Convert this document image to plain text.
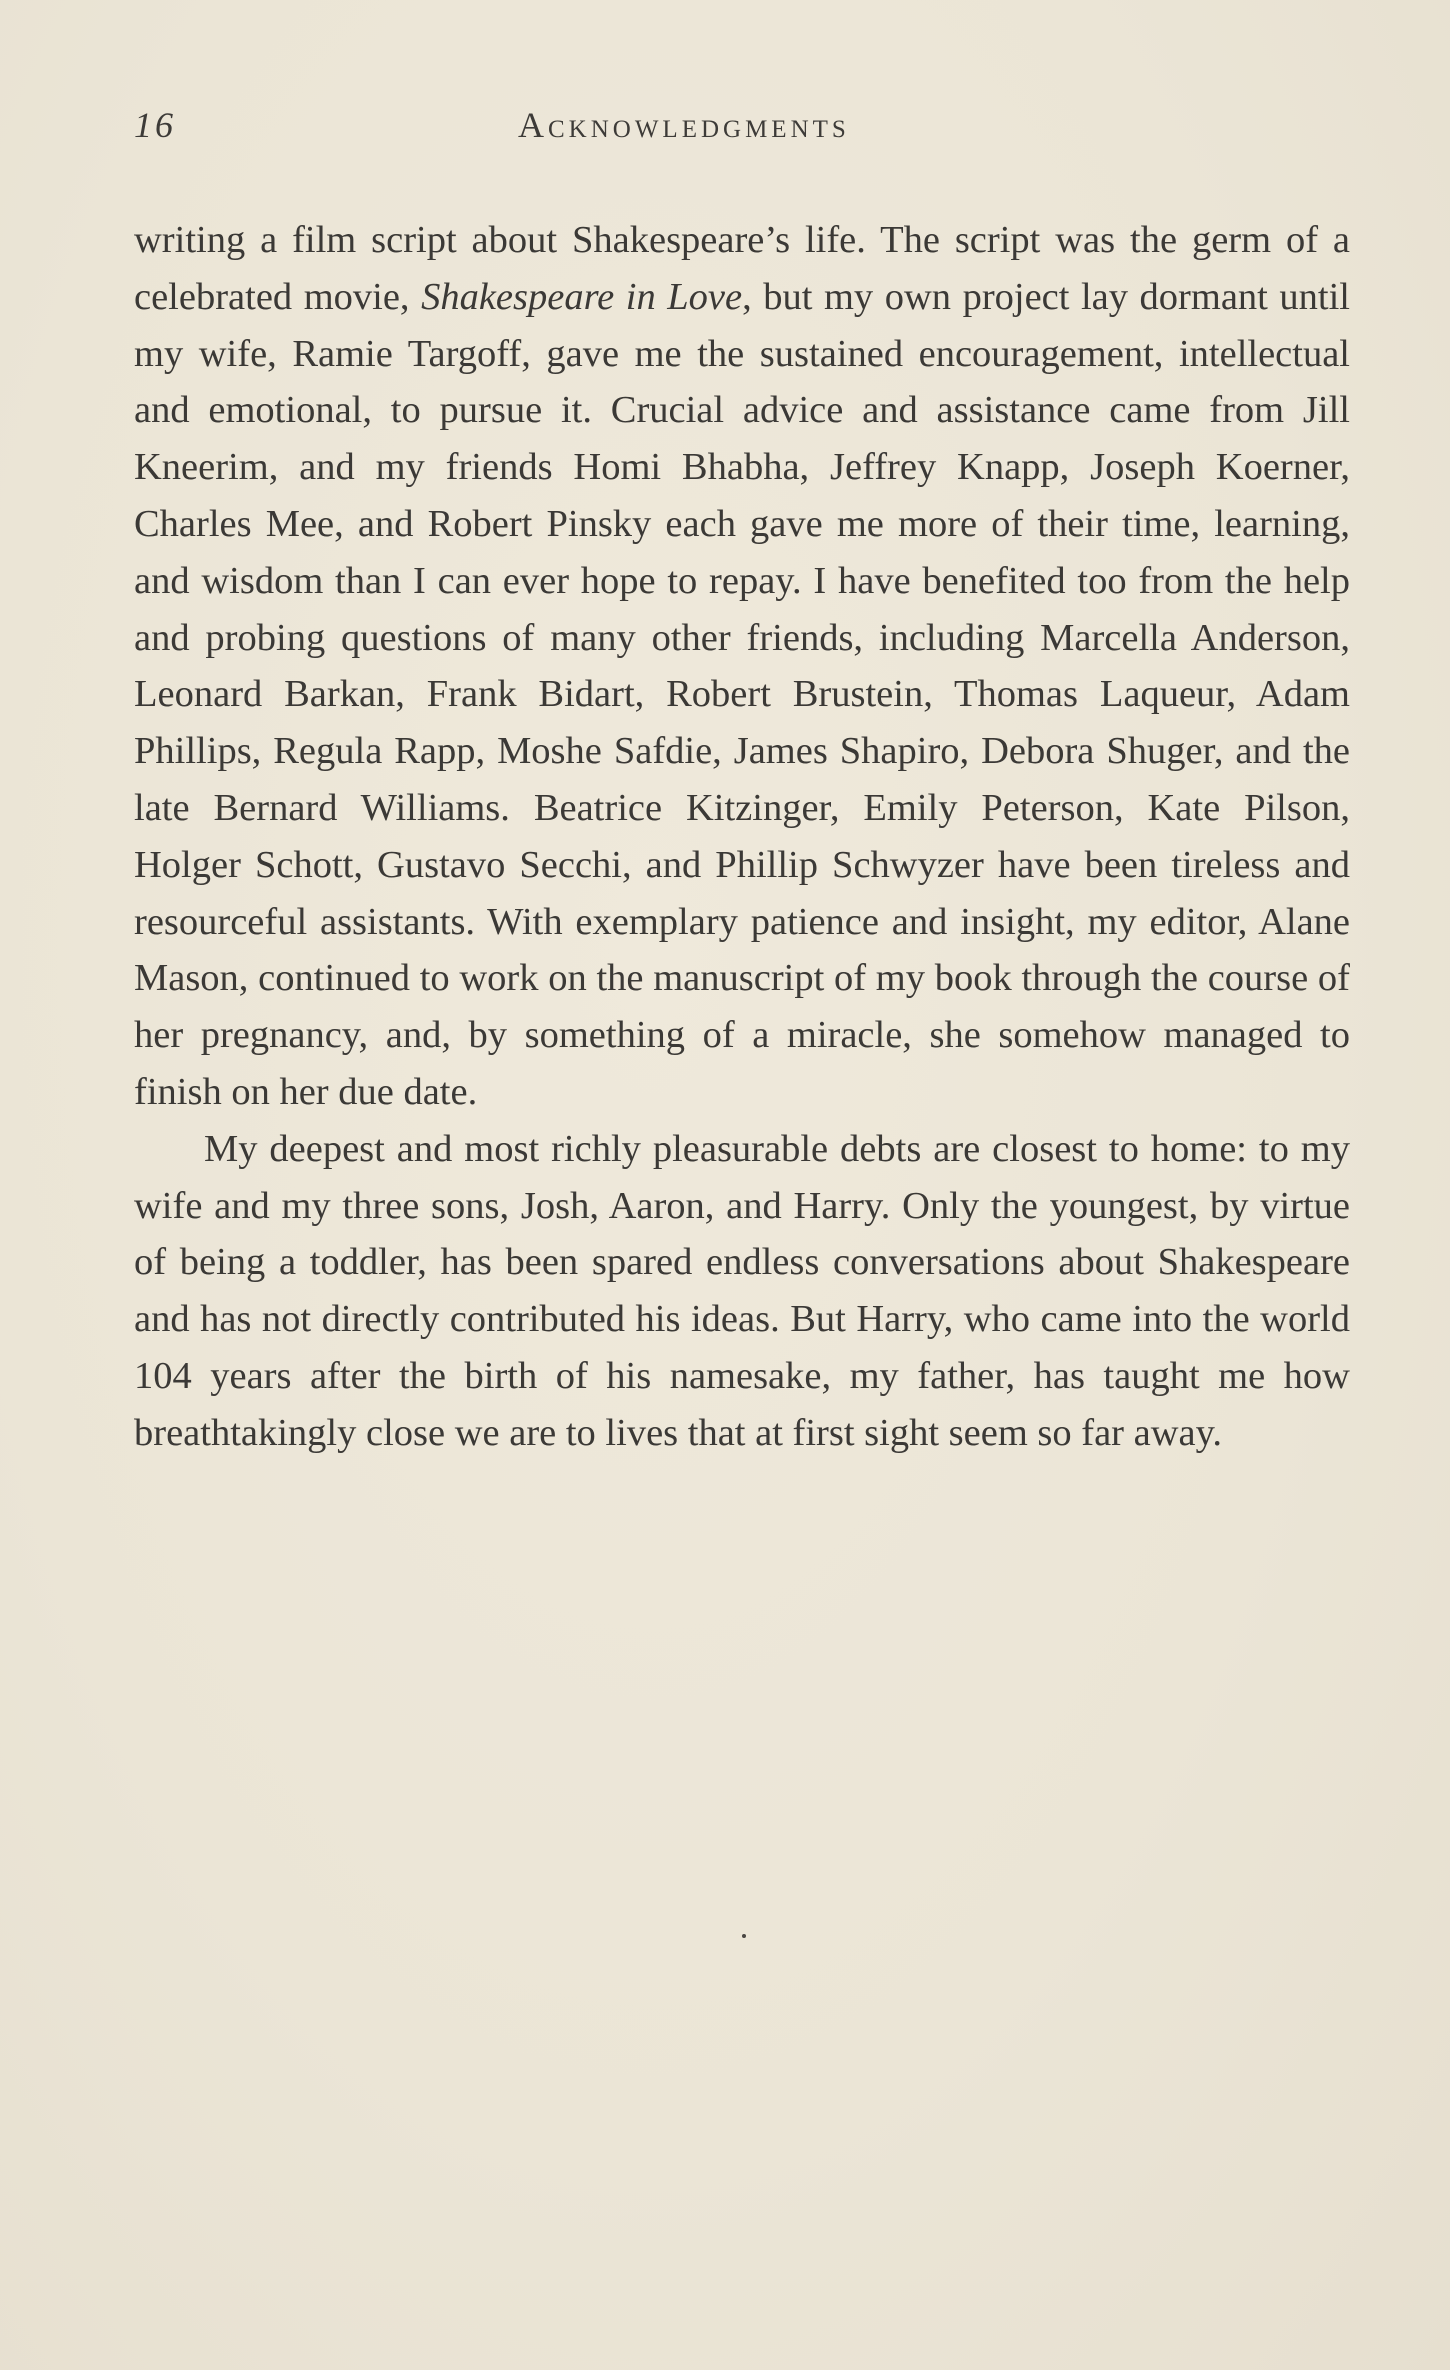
16	Acknowledgments

writing a film script about Shakespeare’s life. The script was the germ of a celebrated movie, Shakespeare in Love, but my own project lay dormant until my wife, Ramie Targoff, gave me the sustained encouragement, intellectual and emotional, to pursue it. Crucial advice and assistance came from Jill Kneerim, and my friends Homi Bhabha, Jeffrey Knapp, Joseph Koerner, Charles Mee, and Robert Pinsky each gave me more of their time, learning, and wisdom than I can ever hope to repay. I have benefited too from the help and probing questions of many other friends, including Marcella Anderson, Leonard Barkan, Frank Bidart, Robert Brustein, Thomas Laqueur, Adam Phillips, Regula Rapp, Moshe Safdie, James Shapiro, Debora Shuger, and the late Bernard Williams. Beatrice Kitzinger, Emily Peterson, Kate Pilson, Holger Schott, Gustavo Secchi, and Phillip Schwyzer have been tireless and resourceful assistants. With exemplary patience and insight, my editor, Alane Mason, continued to work on the manuscript of my book through the course of her pregnancy, and, by something of a miracle, she somehow managed to finish on her due date.

My deepest and most richly pleasurable debts are closest to home: to my wife and my three sons, Josh, Aaron, and Harry. Only the youngest, by virtue of being a toddler, has been spared endless conversations about Shakespeare and has not directly contributed his ideas. But Harry, who came into the world 104 years after the birth of his namesake, my father, has taught me how breathtakingly close we are to lives that at first sight seem so far away.
